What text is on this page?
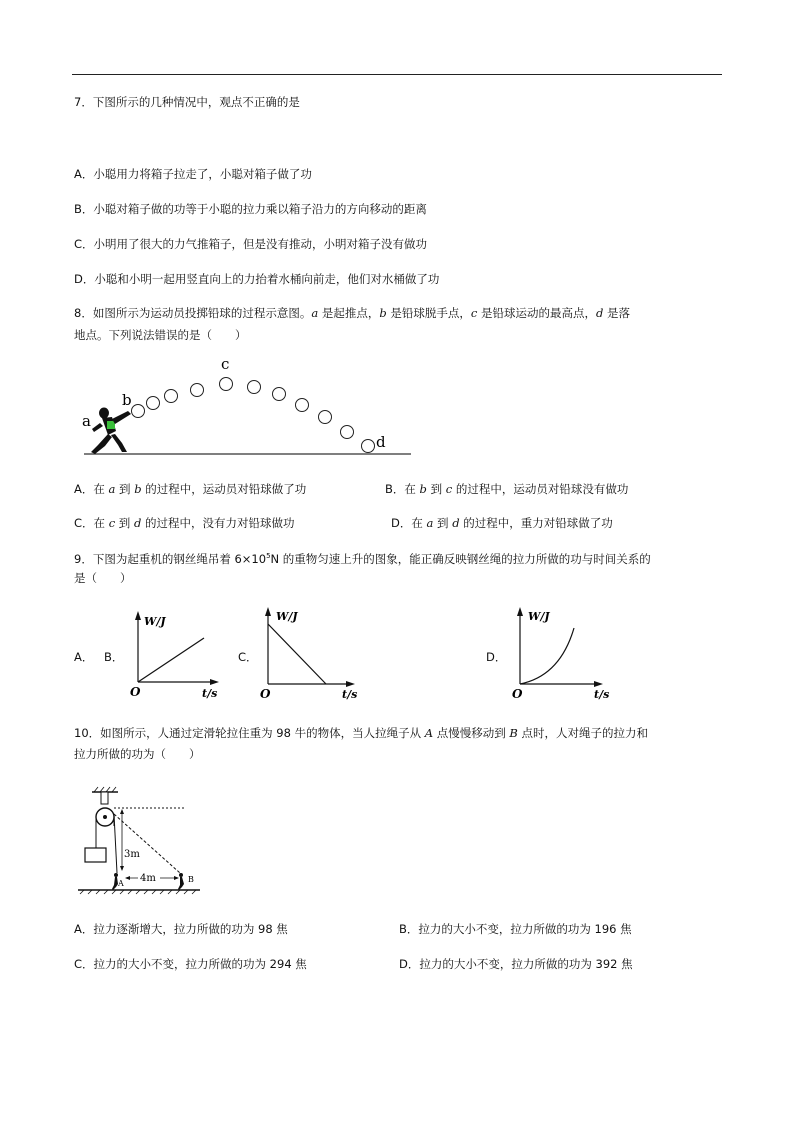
7．下图所示的几种情况中，观点不正确的是
A．小聪用力将箱子拉走了，小聪对箱子做了功
B．小聪对箱子做的功等于小聪的拉力乘以箱子沿力的方向移动的距离
C．小明用了很大的力气推箱子，但是没有推动，小明对箱子没有做功
D．小聪和小明一起用竖直向上的力抬着水桶向前走，他们对水桶做了功
8．如图所示为运动员投掷铅球的过程示意图。a 是起推点，b 是铅球脱手点，c 是铅球运动的最高点，d 是落
地点。下列说法错误的是（　　）
a
b
c
d
A．在 a 到 b 的过程中，运动员对铅球做了功	B．在 b 到 c 的过程中，运动员对铅球没有做功
C．在 c 到 d 的过程中，没有力对铅球做功	D．在 a 到 d 的过程中，重力对铅球做了功
9．下图为起重机的钢丝绳吊着 $6\times 10^5N$ 的重物匀速上升的图象，能正确反映钢丝绳的拉力所做的功与时间关系的
是（　　）
A． B．	C．	D．
W/J
t/s
O
W/J
t/s
O
W/J
t/s
O
10．如图所示，人通过定滑轮拉住重为 98 牛的物体，当人拉绳子从 A 点慢慢移动到 B 点时，人对绳子的拉力和
拉力所做的功为（　　）
3m
4m
A	B
A．拉力逐渐增大，拉力所做的功为 98 焦	B．拉力的大小不变，拉力所做的功为 196 焦
C．拉力的大小不变，拉力所做的功为 294 焦	D．拉力的大小不变，拉力所做的功为 392 焦
